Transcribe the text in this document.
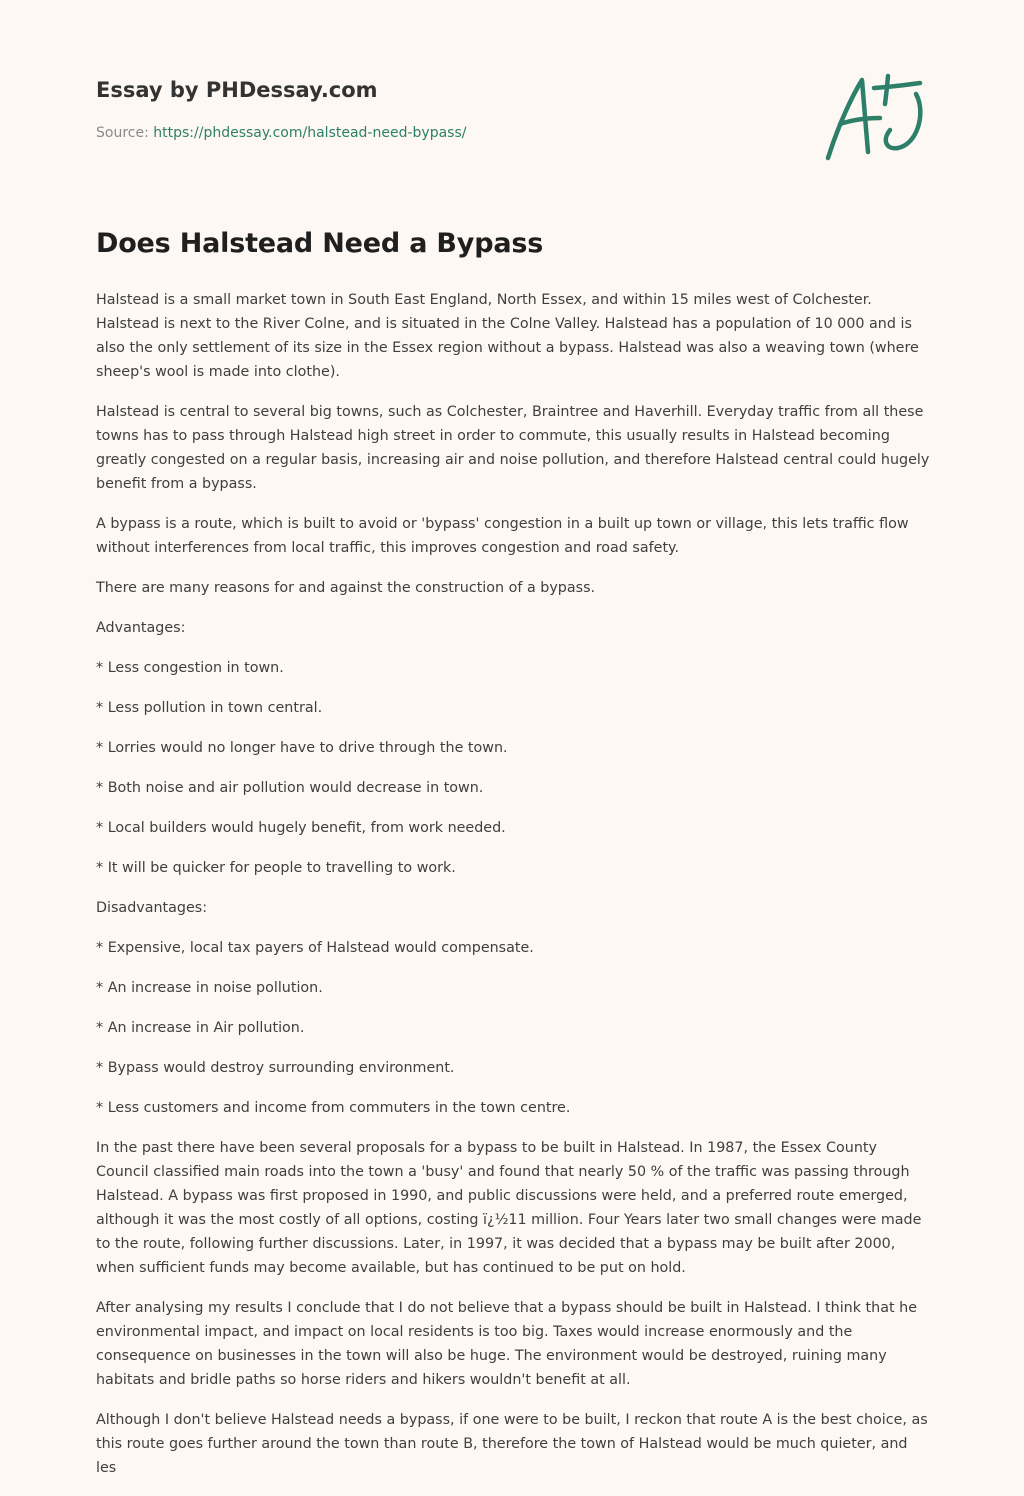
Essay by PHDessay.com
Source: https://phdessay.com/halstead-need-bypass/
Does Halstead Need a Bypass

Halstead is a small market town in South East England, North Essex, and within 15 miles west of Colchester. Halstead is next to the River Colne, and is situated in the Colne Valley. Halstead has a population of 10 000 and is also the only settlement of its size in the Essex region without a bypass. Halstead was also a weaving town (where sheep's wool is made into clothe).

Halstead is central to several big towns, such as Colchester, Braintree and Haverhill. Everyday traffic from all these towns has to pass through Halstead high street in order to commute, this usually results in Halstead becoming greatly congested on a regular basis, increasing air and noise pollution, and therefore Halstead central could hugely benefit from a bypass.

A bypass is a route, which is built to avoid or 'bypass' congestion in a built up town or village, this lets traffic flow without interferences from local traffic, this improves congestion and road safety.

There are many reasons for and against the construction of a bypass.

Advantages:

* Less congestion in town.

* Less pollution in town central.

* Lorries would no longer have to drive through the town.

* Both noise and air pollution would decrease in town.

* Local builders would hugely benefit, from work needed.

* It will be quicker for people to travelling to work.

Disadvantages:

* Expensive, local tax payers of Halstead would compensate.

* An increase in noise pollution.

* An increase in Air pollution.

* Bypass would destroy surrounding environment.

* Less customers and income from commuters in the town centre.

In the past there have been several proposals for a bypass to be built in Halstead. In 1987, the Essex County Council classified main roads into the town a 'busy' and found that nearly 50 % of the traffic was passing through Halstead. A bypass was first proposed in 1990, and public discussions were held, and a preferred route emerged, although it was the most costly of all options, costing ï¿½11 million. Four Years later two small changes were made to the route, following further discussions. Later, in 1997, it was decided that a bypass may be built after 2000, when sufficient funds may become available, but has continued to be put on hold.

After analysing my results I conclude that I do not believe that a bypass should be built in Halstead. I think that he environmental impact, and impact on local residents is too big. Taxes would increase enormously and the consequence on businesses in the town will also be huge. The environment would be destroyed, ruining many habitats and bridle paths so horse riders and hikers wouldn't benefit at all.

Although I don't believe Halstead needs a bypass, if one were to be built, I reckon that route A is the best choice, as this route goes further around the town than route B, therefore the town of Halstead would be much quieter, and les
